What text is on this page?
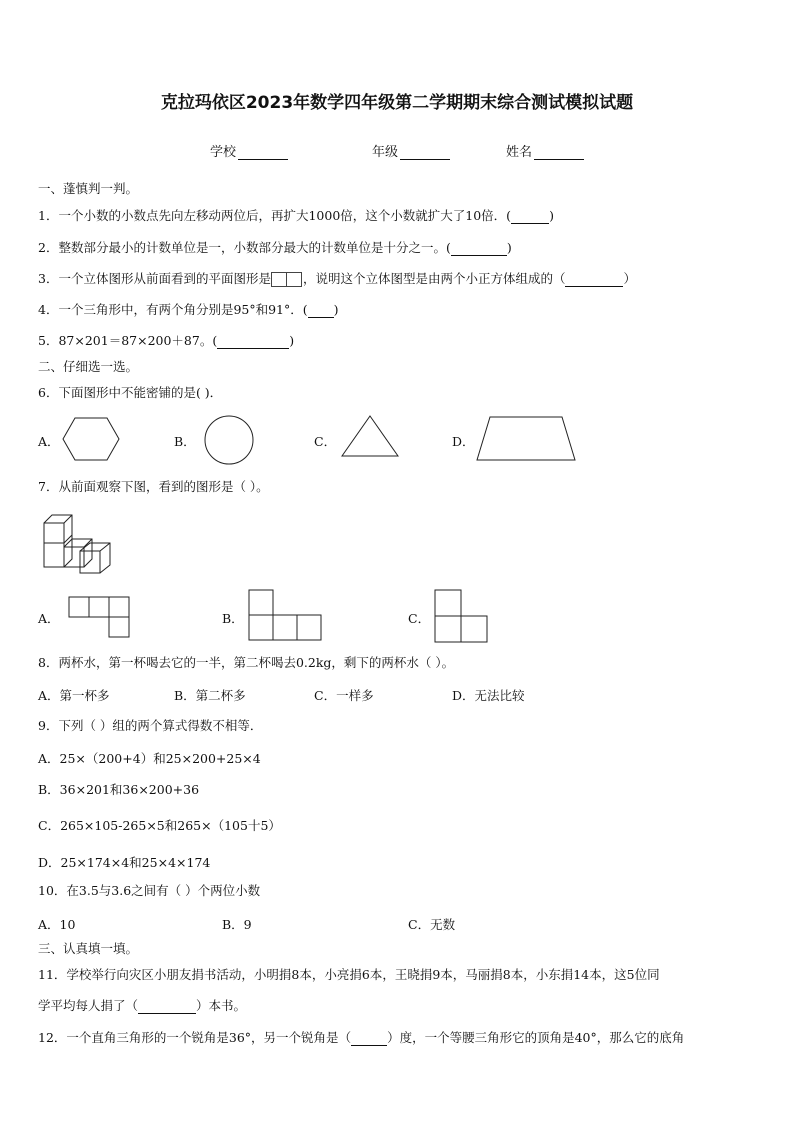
克拉玛依区2023年数学四年级第二学期期末综合测试模拟试题
学校	年级	姓名
一、蓬慎判一判。
1．一个小数的小数点先向左移动两位后，再扩大1000倍，这个小数就扩大了10倍．(	)
2．整数部分最小的计数单位是一，小数部分最大的计数单位是十分之一。(	)
3．一个立体图形从前面看到的平面图形是	，说明这个立体图型是由两个小正方体组成的（	）
4．一个三角形中，有两个角分别是95°和91°．( )
5．87×201＝87×200＋87。(	)
二、仔细选一选。
6．下面图形中不能密铺的是( )．
A．	B．	C．	D．
7．从前面观察下图，看到的图形是（ ）。
A．	B．	C．
8．两杯水，第一杯喝去它的一半，第二杯喝去0.2kg，剩下的两杯水（ ）。
A．第一杯多	B．第二杯多	C．一样多	D．无法比较
9．下列（ ）组的两个算式得数不相等．
A．25×（200+4）和25×200+25×4
B．36×201和36×200+36
C．265×105-265×5和265×（105十5）
D．25×174×4和25×4×174
10．在3.5与3.6之间有（ ）个两位小数
A．10	B．9	C．无数
三、认真填一填。
11．学校举行向灾区小朋友捐书活动，小明捐8本，小亮捐6本，王晓捐9本，马丽捐8本，小东捐14本，这5位同
学平均每人捐了（	）本书。
12．一个直角三角形的一个锐角是36°，另一个锐角是（	）度，一个等腰三角形它的顶角是40°，那么它的底角
